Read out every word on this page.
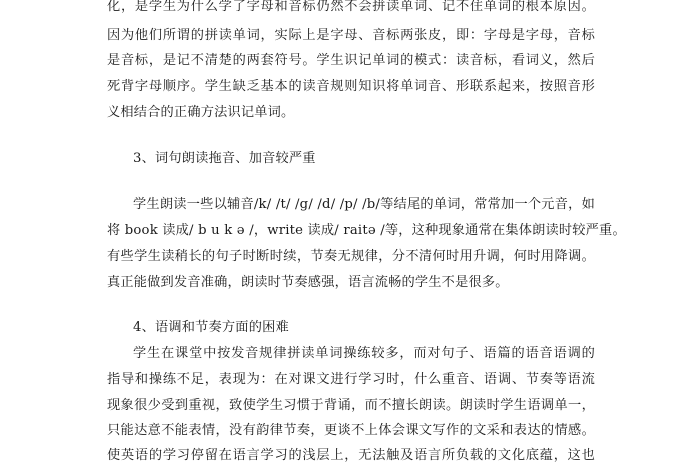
化，是学生为什么学了字母和音标仍然不会拼读单词、记不住单词的根本原因。
因为他们所谓的拼读单词，实际上是字母、音标两张皮，即：字母是字母，音标
是音标，是记不清楚的两套符号。学生识记单词的模式：读音标，看词义，然后
死背字母顺序。学生缺乏基本的读音规则知识将单词音、形联系起来，按照音形
义相结合的正确方法识记单词。
3、词句朗读拖音、加音较严重
学生朗读一些以辅音/k/ /t/ /g/ /d/ /p/ /b/等结尾的单词，常常加一个元音，如
将 book 读成/ b u k ə /，write 读成/ raitə /等，这种现象通常在集体朗读时较严重。
有些学生读稍长的句子时断时续，节奏无规律，分不清何时用升调，何时用降调。
真正能做到发音准确，朗读时节奏感强，语言流畅的学生不是很多。
4、语调和节奏方面的困难
学生在课堂中按发音规律拼读单词操练较多，而对句子、语篇的语音语调的
指导和操练不足，表现为：在对课文进行学习时，什么重音、语调、节奏等语流
现象很少受到重视，致使学生习惯于背诵，而不擅长朗读。朗读时学生语调单一，
只能达意不能表情，没有韵律节奏，更谈不上体会课文写作的文采和表达的情感。
使英语的学习停留在语言学习的浅层上，无法触及语言所负载的文化底蕴，这也
